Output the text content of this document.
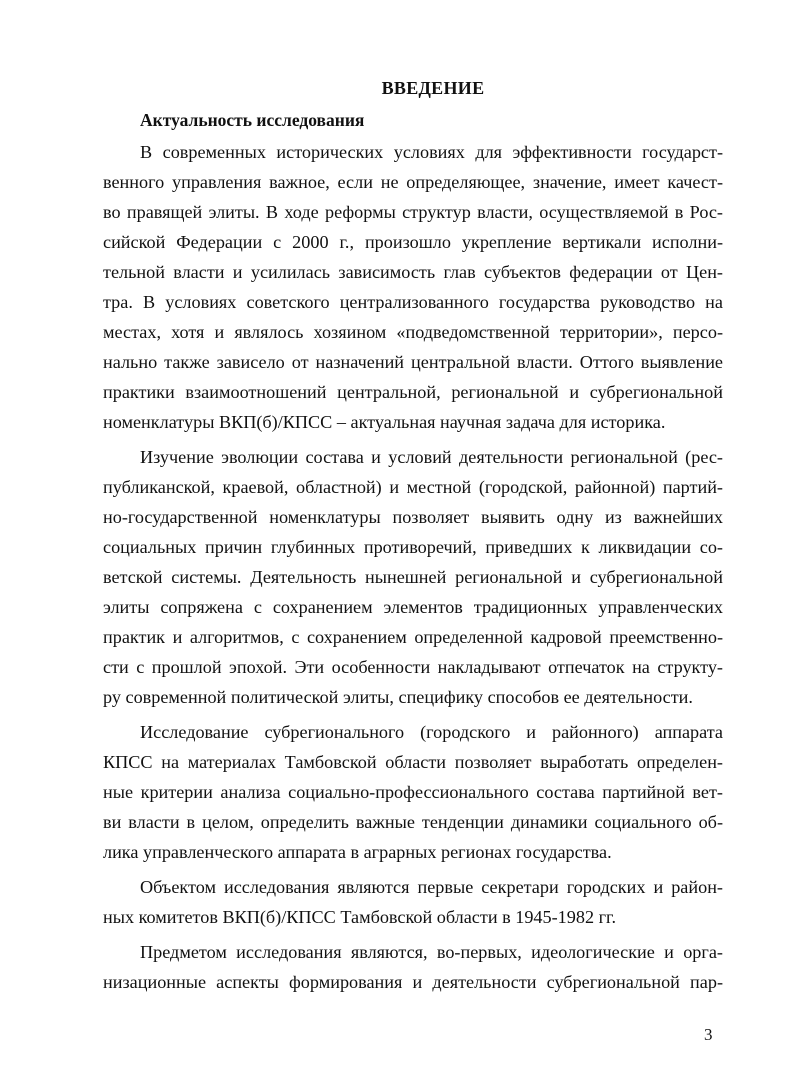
ВВЕДЕНИЕ
Актуальность исследования
В современных исторических условиях для эффективности государст-
венного управления важное, если не определяющее, значение, имеет качест-
во правящей элиты. В ходе реформы структур власти, осуществляемой в Рос-
сийской Федерации с 2000 г., произошло укрепление вертикали исполни-
тельной власти и усилилась зависимость глав субъектов федерации от Цен-
тра. В условиях советского централизованного государства руководство на
местах, хотя и являлось хозяином «подведомственной территории», персо-
нально также зависело от назначений центральной власти. Оттого выявление
практики взаимоотношений центральной, региональной и субрегиональной
номенклатуры ВКП(б)/КПСС – актуальная научная задача для историка.
Изучение эволюции состава и условий деятельности региональной (рес-
публиканской, краевой, областной) и местной (городской, районной) партий-
но-государственной номенклатуры позволяет выявить одну из важнейших
социальных причин глубинных противоречий, приведших к ликвидации со-
ветской системы. Деятельность нынешней региональной и субрегиональной
элиты сопряжена с сохранением элементов традиционных управленческих
практик и алгоритмов, с сохранением определенной кадровой преемственно-
сти с прошлой эпохой. Эти особенности накладывают отпечаток на структу-
ру современной политической элиты, специфику способов ее деятельности.
Исследование субрегионального (городского и районного) аппарата
КПСС на материалах Тамбовской области позволяет выработать определен-
ные критерии анализа социально-профессионального состава партийной вет-
ви власти в целом, определить важные тенденции динамики социального об-
лика управленческого аппарата в аграрных регионах государства.
Объектом исследования являются первые секретари городских и район-
ных комитетов ВКП(б)/КПСС Тамбовской области в 1945-1982 гг.
Предметом исследования являются, во-первых, идеологические и орга-
низационные аспекты формирования и деятельности субрегиональной пар-
3
